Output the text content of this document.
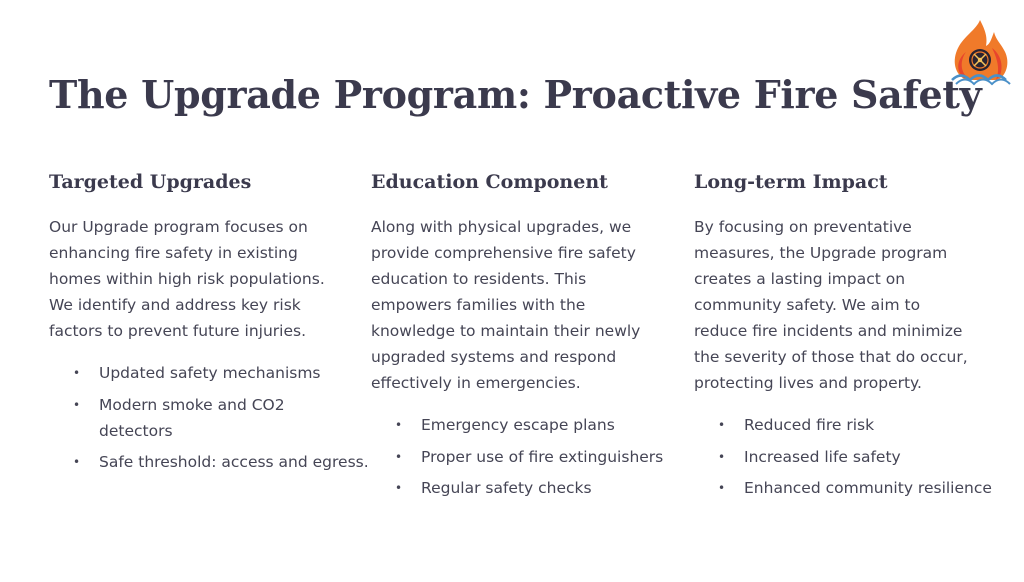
The Upgrade Program: Proactive Fire Safety
Targeted Upgrades

Our Upgrade program focuses on enhancing fire safety in existing homes within high risk populations. We identify and address key risk factors to prevent future injuries.

• Updated safety mechanisms
• Modern smoke and CO2 detectors
• Safe threshold: access and egress.
Education Component

Along with physical upgrades, we provide comprehensive fire safety education to residents. This empowers families with the knowledge to maintain their newly upgraded systems and respond effectively in emergencies.

• Emergency escape plans
• Proper use of fire extinguishers
• Regular safety checks
Long-term Impact

By focusing on preventative measures, the Upgrade program creates a lasting impact on community safety. We aim to reduce fire incidents and minimize the severity of those that do occur, protecting lives and property.

• Reduced fire risk
• Increased life safety
• Enhanced community resilience
